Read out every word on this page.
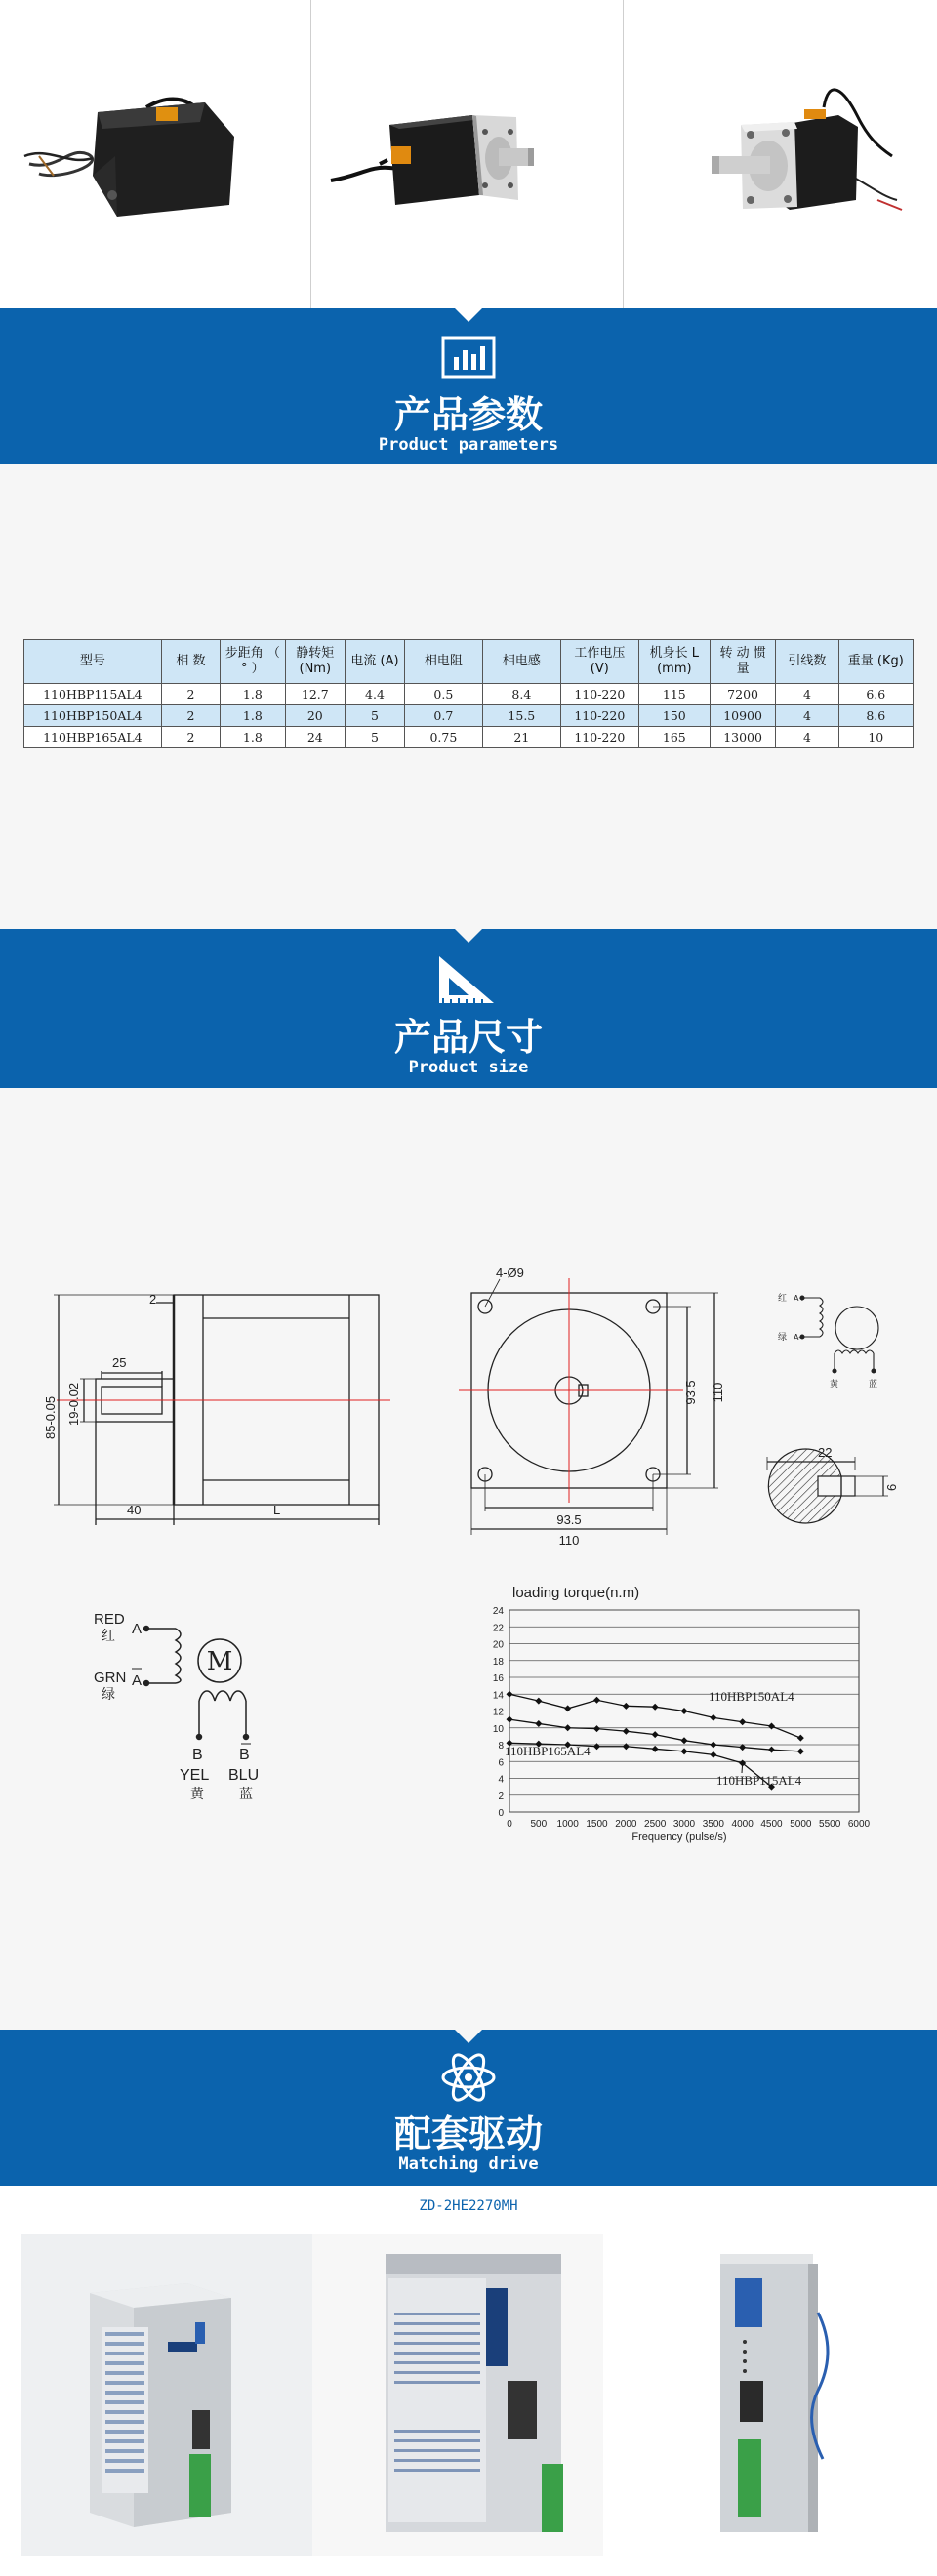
产品参数
Product parameters
型号	相 数	步距角 （ ° ）	静转矩 (Nm)	电流 (A)	相电阻	相电感	工作电压 (V)	机身长 L (mm)	转 动 惯 量	引线数	重量 (Kg)
110HBP115AL4	2	1.8	12.7	4.4	0.5	8.4	110-220	115	7200	4	6.6
110HBP150AL4	2	1.8	20	5	0.7	15.5	110-220	150	10900	4	8.6
110HBP165AL4	2	1.8	24	5	0.75	21	110-220	165	13000	4	10
产品尺寸
Product size
2
25
19-0.02
85-0.05
40	L
4-Ø9
93.5 110
93.5
110
A+
A-
红
绿
黄	蓝
22
6
M
RED
红 A
GRN
绿
A
B B
YEL BLU
黄	蓝
0
2
4
6
8
10
12
14
16
18
20
22
24
0 500 1000 1500 2000 2500 3000 3500 4000 4500 5000 5500 6000
loading torque(n.m)
Frequency (pulse/s)
110HBP150AL4
110HBP165AL4
110HBP115AL4
配套驱动
Matching drive
ZD-2HE2270MH
